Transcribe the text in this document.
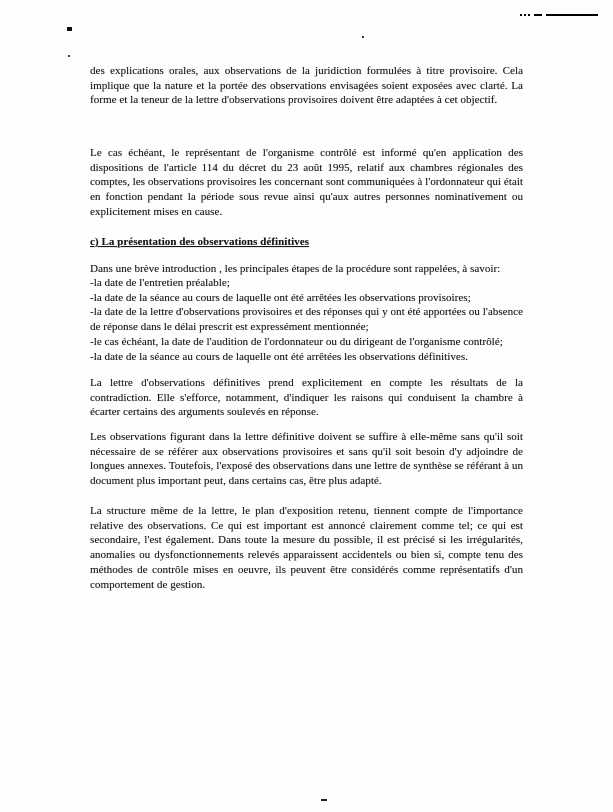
des explications orales, aux observations de la juridiction formulées à titre provisoire. Cela implique que la nature et la portée des observations envisagées soient exposées avec clarté. La forme et la teneur de la lettre d'observations provisoires doivent être adaptées à cet objectif.

Le cas échéant, le représentant de l'organisme contrôlé est informé qu'en application des dispositions de l'article 114 du décret du 23 août 1995, relatif aux chambres régionales des comptes, les observations provisoires les concernant sont communiquées à l'ordonnateur qui était en fonction pendant la période sous revue ainsi qu'aux autres personnes nominativement ou explicitement mises en cause.

c) La présentation des observations définitives

Dans une brève introduction , les principales étapes de la procédure sont rappelées, à savoir:

-la date de l'entretien préalable;

-la date de la séance au cours de laquelle ont été arrêtées les observations provisoires;

-la date de la lettre d'observations provisoires et des réponses qui y ont été apportées ou l'absence de réponse dans le délai prescrit est expressément mentionnée;

-le cas échéant, la date de l'audition de l'ordonnateur ou du dirigeant de l'organisme contrôlé;

-la date de la séance au cours de laquelle ont été arrêtées les observations définitives.

La lettre d'observations définitives prend explicitement en compte les résultats de la contradiction. Elle s'efforce, notamment, d'indiquer les raisons qui conduisent la chambre à écarter certains des arguments soulevés en réponse.

Les observations figurant dans la lettre définitive doivent se suffire à elle-même sans qu'il soit nécessaire de se référer aux observations provisoires et sans qu'il soit besoin d'y adjoindre de longues annexes. Toutefois, l'exposé des observations dans une lettre de synthèse se référant à un document plus important peut, dans certains cas, être plus adapté.

La structure même de la lettre, le plan d'exposition retenu, tiennent compte de l'importance relative des observations. Ce qui est important est annoncé clairement comme tel; ce qui est secondaire, l'est également. Dans toute la mesure du possible, il est précisé si les irrégularités, anomalies ou dysfonctionnements relevés apparaissent accidentels ou bien si, compte tenu des méthodes de contrôle mises en oeuvre, ils peuvent être considérés comme représentatifs d'un comportement de gestion.
